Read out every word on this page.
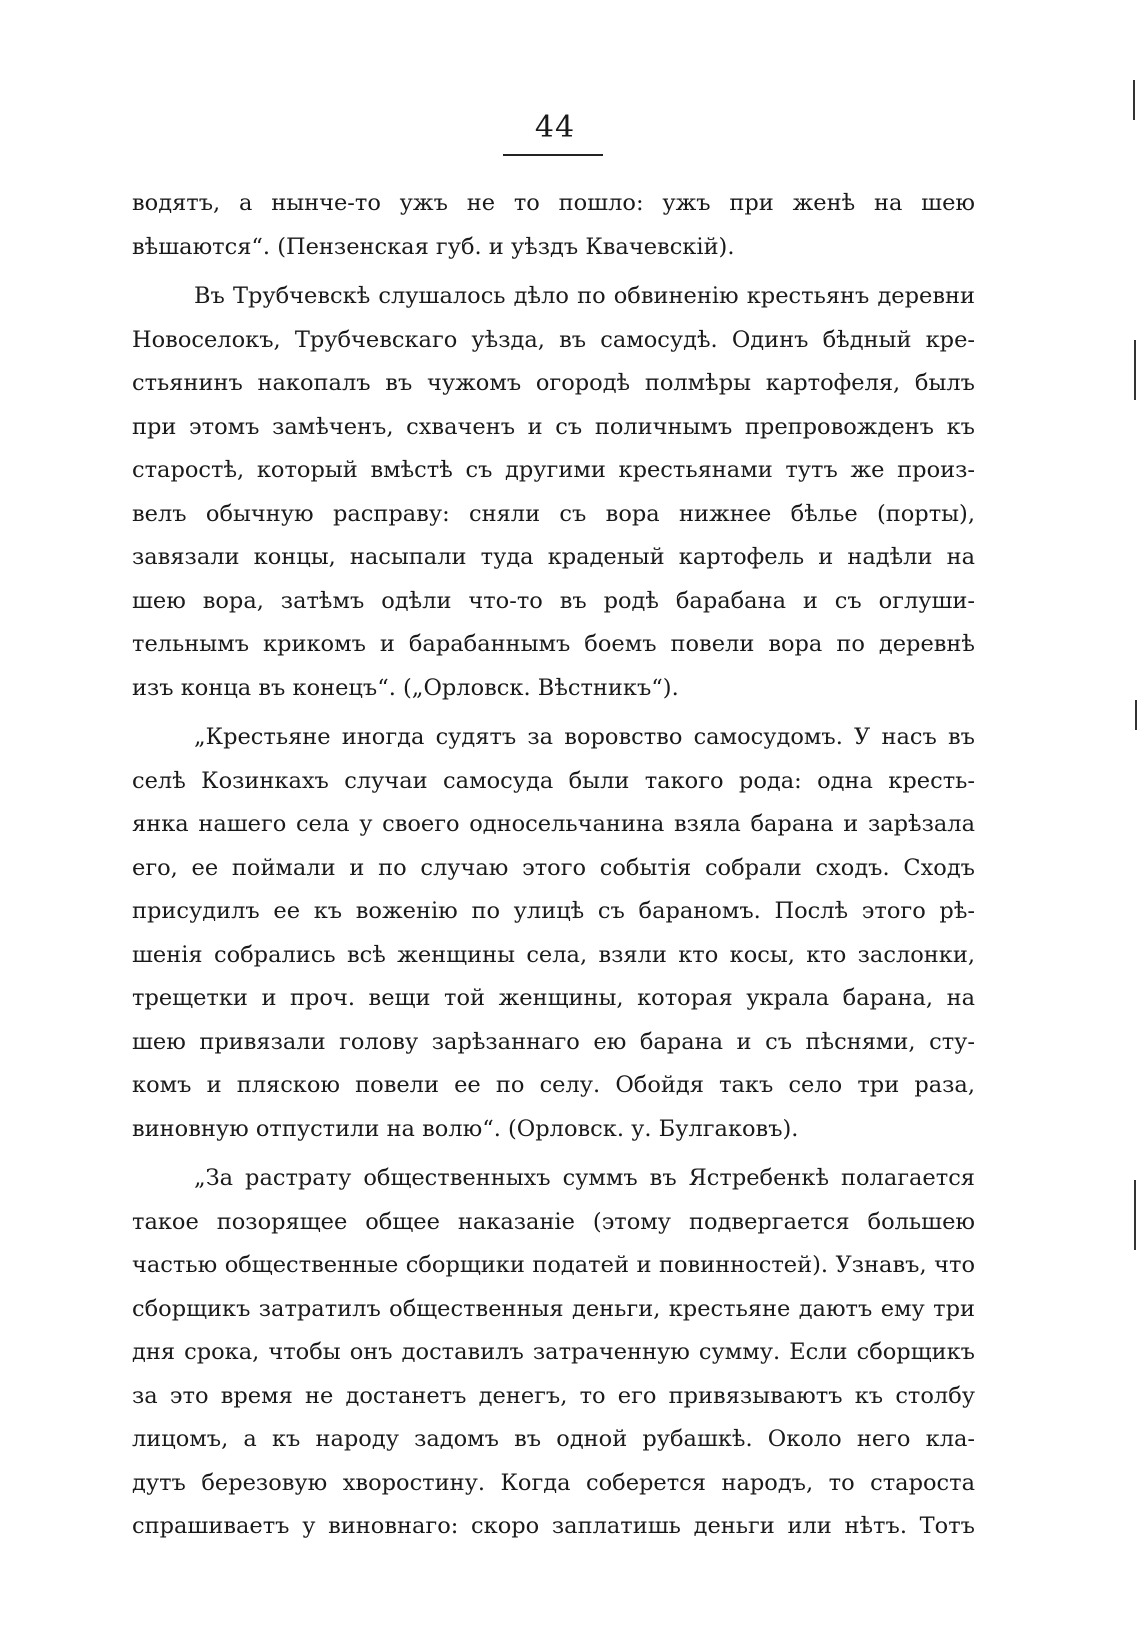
44
водятъ, а нынче-то ужъ не то пошло: ужъ при женѣ на шею
вѣшаются“. (Пензенская губ. и уѣздъ Квачевскій).
Въ Трубчевскѣ слушалось дѣло по обвиненію крестьянъ деревни
Новоселокъ, Трубчевскаго уѣзда, въ самосудѣ. Одинъ бѣдный кре-
стьянинъ накопалъ въ чужомъ огородѣ полмѣры картофеля, былъ
при этомъ замѣченъ, схваченъ и съ поличнымъ препровожденъ къ
старостѣ, который вмѣстѣ съ другими крестьянами тутъ же произ-
велъ обычную расправу: сняли съ вора нижнее бѣлье (порты),
завязали концы, насыпали туда краденый картофель и надѣли на
шею вора, затѣмъ одѣли что-то въ родѣ барабана и съ оглуши-
тельнымъ крикомъ и барабаннымъ боемъ повели вора по деревнѣ
изъ конца въ конецъ“. („Орловск. Вѣстникъ“).
„Крестьяне иногда судятъ за воровство самосудомъ. У насъ въ
селѣ Козинкахъ случаи самосуда были такого рода: одна кресть-
янка нашего села у своего односельчанина взяла барана и зарѣзала
его, ее поймали и по случаю этого событія собрали сходъ. Сходъ
присудилъ ее къ воженію по улицѣ съ бараномъ. Послѣ этого рѣ-
шенія собрались всѣ женщины села, взяли кто косы, кто заслонки,
трещетки и проч. вещи той женщины, которая украла барана, на
шею привязали голову зарѣзаннаго ею барана и съ пѣснями, сту-
комъ и пляскою повели ее по селу. Обойдя такъ село три раза,
виновную отпустили на волю“. (Орловск. у. Булгаковъ).
„За растрату общественныхъ суммъ въ Ястребенкѣ полагается
такое позорящее общее наказаніе (этому подвергается большею
частью общественные сборщики податей и повинностей). Узнавъ, что
сборщикъ затратилъ общественныя деньги, крестьяне даютъ ему три
дня срока, чтобы онъ доставилъ затраченную сумму. Если сборщикъ
за это время не достанетъ денегъ, то его привязываютъ къ столбу
лицомъ, а къ народу задомъ въ одной рубашкѣ. Около него кла-
дутъ березовую хворостину. Когда соберется народъ, то староста
спрашиваетъ у виновнаго: скоро заплатишь деньги или нѣтъ. Тотъ
